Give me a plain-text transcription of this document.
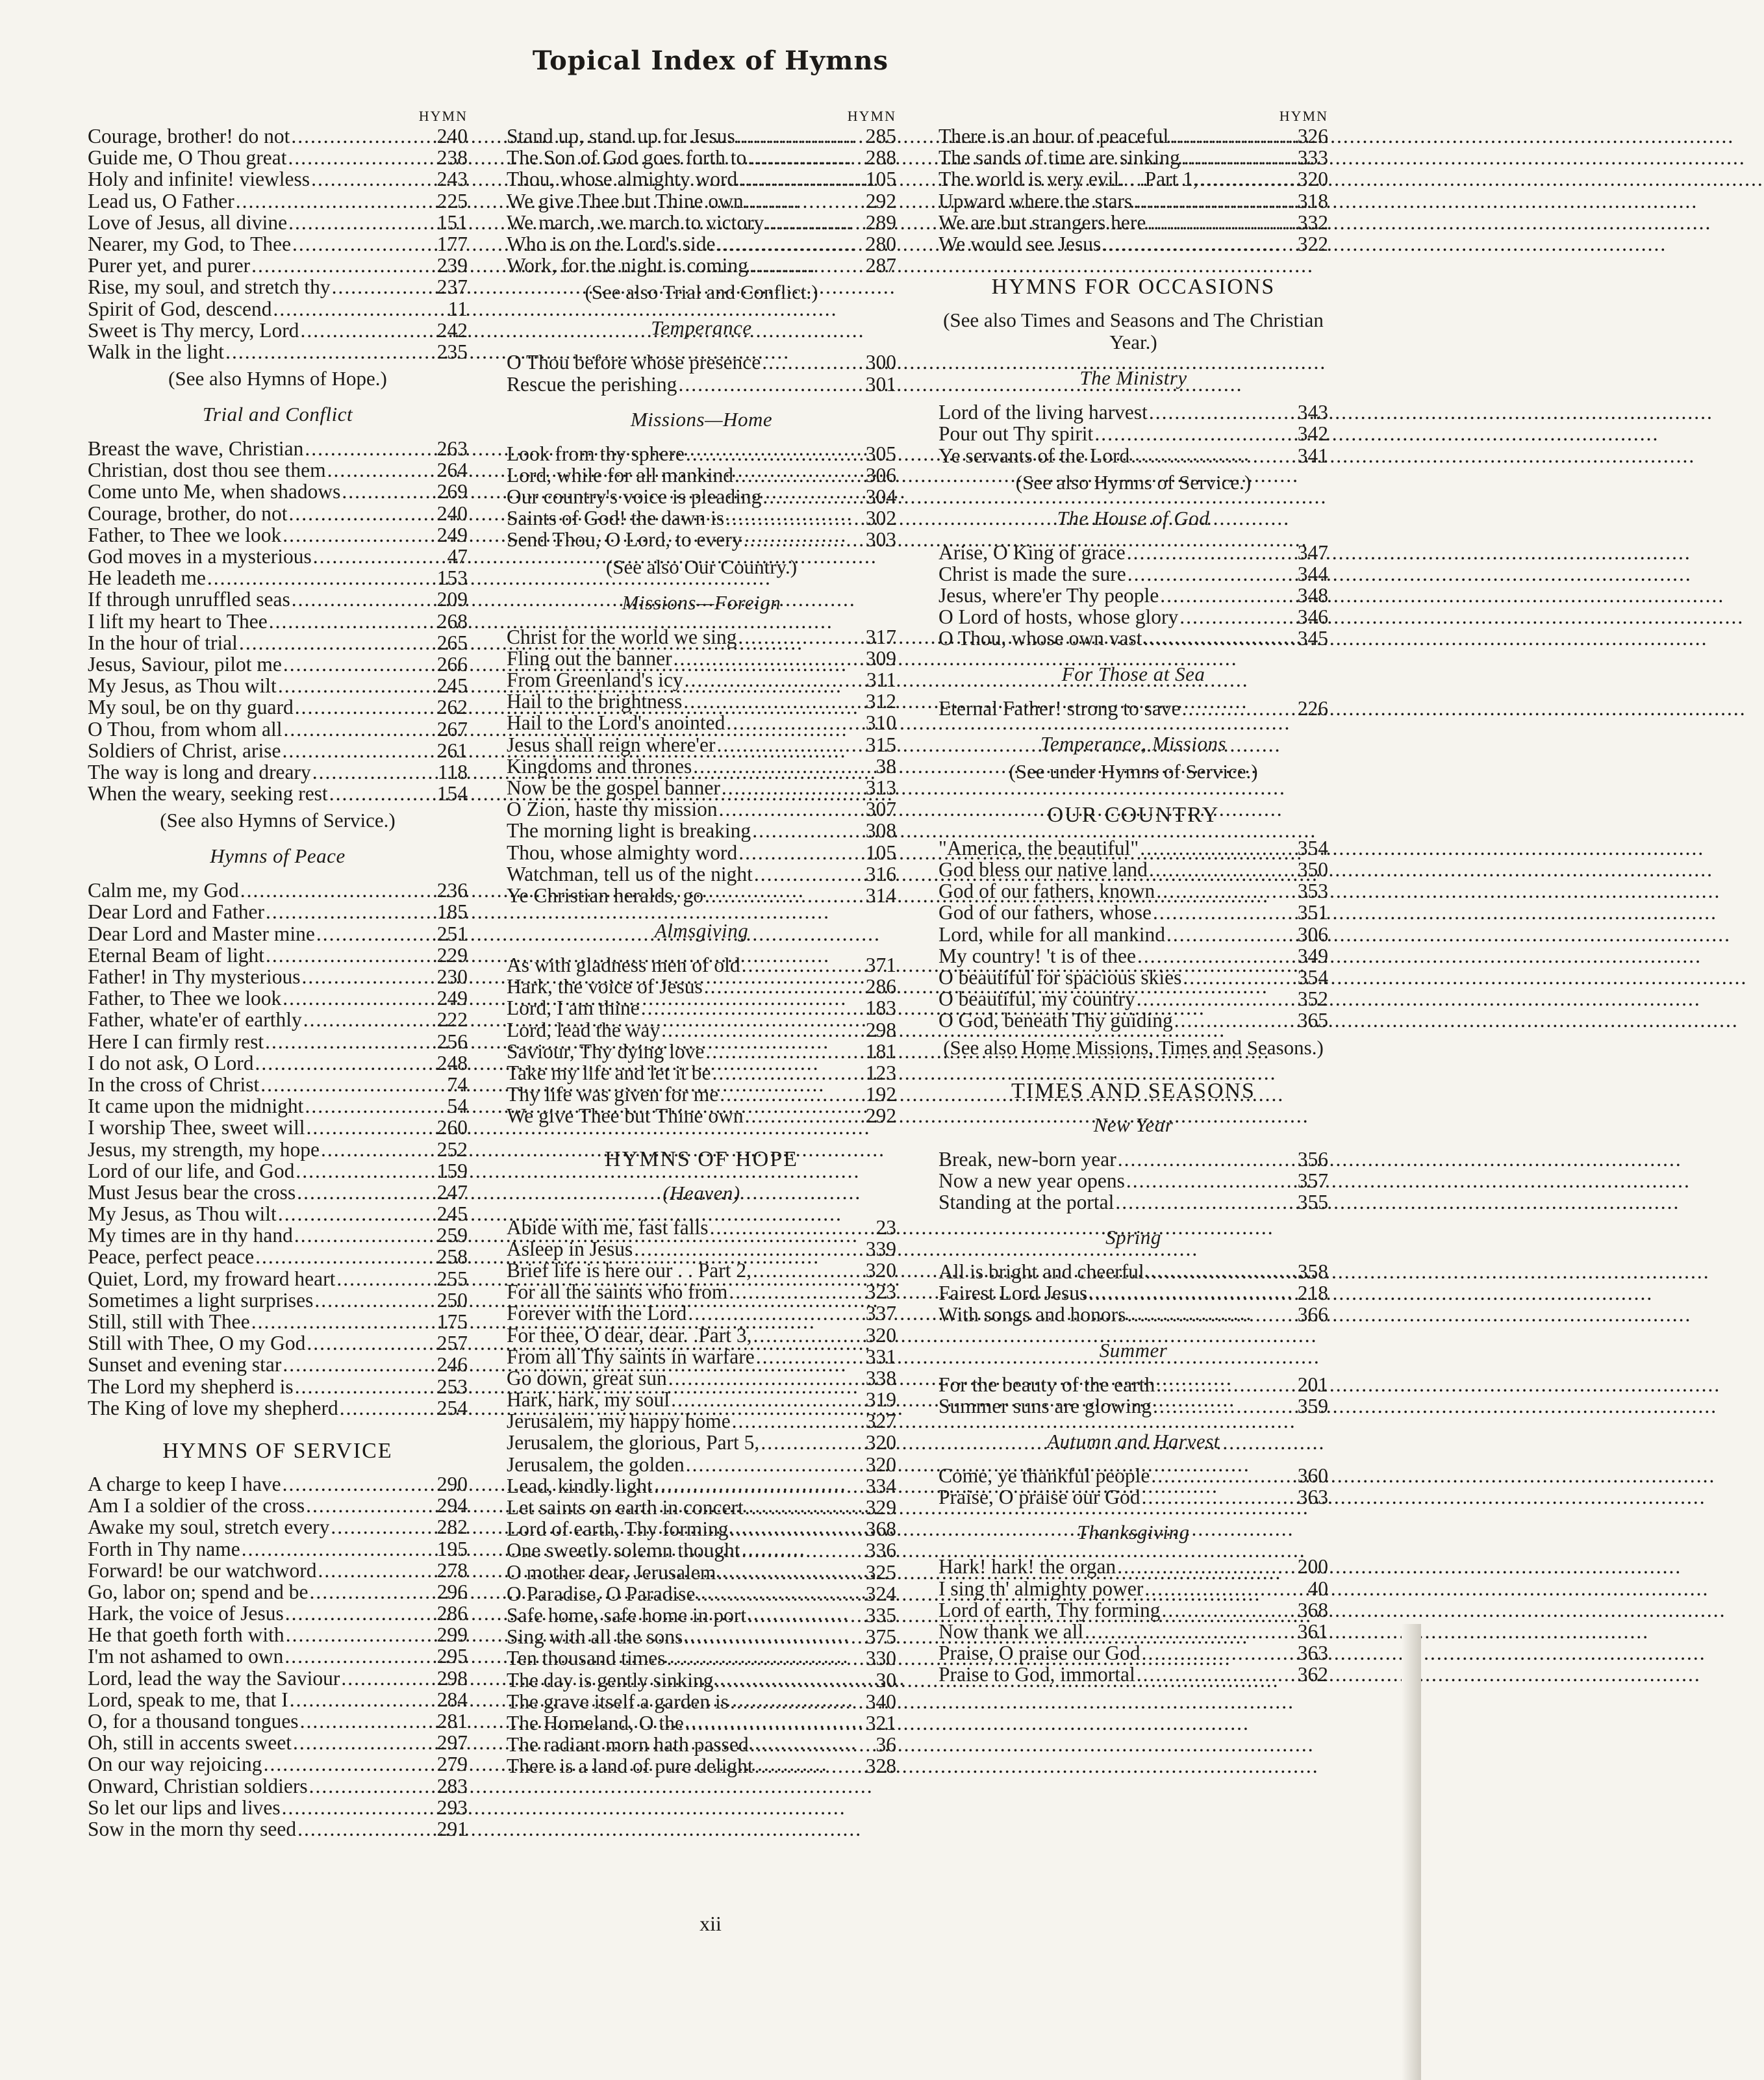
Topical Index of Hymns
HYMN
Courage, brother! do not .....	240
Guide me, O Thou great .....	238
Holy and infinite! viewless .....	243
Lead us, O Father .....	225
Love of Jesus, all divine .....	151
Nearer, my God, to Thee .....	177
Purer yet, and purer .....	239
Rise, my soul, and stretch thy .....	237
Spirit of God, descend .....	11
Sweet is Thy mercy, Lord .....	242
Walk in the light .....	235
(See also Hymns of Hope.)
Trial and Conflict
Breast the wave, Christian .....	263
Christian, dost thou see them .....	264
Come unto Me, when shadows .....	269
Courage, brother, do not .....	240
Father, to Thee we look .....	249
God moves in a mysterious .....	47
He leadeth me .....	153
If through unruffled seas .....	209
I lift my heart to Thee .....	268
In the hour of trial .....	265
Jesus, Saviour, pilot me .....	266
My Jesus, as Thou wilt .....	245
My soul, be on thy guard .....	262
O Thou, from whom all .....	267
Soldiers of Christ, arise .....	261
The way is long and dreary .....	118
When the weary, seeking rest .....	154
(See also Hymns of Service.)
Hymns of Peace
Calm me, my God .....	236
Dear Lord and Father .....	185
Dear Lord and Master mine .....	251
Eternal Beam of light .....	229
Father! in Thy mysterious .....	230
Father, to Thee we look .....	249
Father, whate'er of earthly .....	222
Here I can firmly rest .....	256
I do not ask, O Lord .....	248
In the cross of Christ .....	74
It came upon the midnight .....	54
I worship Thee, sweet will .....	260
Jesus, my strength, my hope .....	252
Lord of our life, and God .....	159
Must Jesus bear the cross .....	247
My Jesus, as Thou wilt .....	245
My times are in thy hand .....	259
Peace, perfect peace .....	258
Quiet, Lord, my froward heart .....	255
Sometimes a light surprises .....	250
Still, still with Thee .....	175
Still with Thee, O my God .....	257
Sunset and evening star .....	246
The Lord my shepherd is .....	253
The King of love my shepherd .....	254
HYMNS OF SERVICE
A charge to keep I have .....	290
Am I a soldier of the cross .....	294
Awake my soul, stretch every .....	282
Forth in Thy name .....	195
Forward! be our watchword .....	278
Go, labor on; spend and be .....	296
Hark, the voice of Jesus .....	286
He that goeth forth with .....	299
I'm not ashamed to own .....	295
Lord, lead the way the Saviour .....	298
Lord, speak to me, that I .....	284
O, for a thousand tongues .....	281
Oh, still in accents sweet .....	297
On our way rejoicing .....	279
Onward, Christian soldiers .....	283
So let our lips and lives .....	293
Sow in the morn thy seed .....	291
HYMN
Stand up, stand up for Jesus .....	285
The Son of God goes forth to .....	288
Thou, whose almighty word .....	105
We give Thee but Thine own .....	292
We march, we march to victory .....	289
Who is on the Lord's side .....	280
Work, for the night is coming .....	287
(See also Trial and Conflict.)
Temperance
O Thou before whose presence .....	300
Rescue the perishing .....	301
Missions—Home
Look from thy sphere .....	305
Lord, while for all mankind .....	306
Our country's voice is pleading .....	304
Saints of God! the dawn is .....	302
Send Thou, O Lord, to every .....	303
(See also Our Country.)
Missions—Foreign
Christ for the world we sing .....	317
Fling out the banner .....	309
From Greenland's icy .....	311
Hail to the brightness .....	312
Hail to the Lord's anointed .....	310
Jesus shall reign where'er .....	315
Kingdoms and thrones .....	38
Now be the gospel banner .....	313
O Zion, haste thy mission .....	307
The morning light is breaking .....	308
Thou, whose almighty word .....	105
Watchman, tell us of the night .....	316
Ye Christian heralds, go .....	314
Almsgiving
As with gladness men of old .....	371
Hark, the voice of Jesus .....	286
Lord, I am thine .....	183
Lord, lead the way .....	298
Saviour, Thy dying love .....	181
Take my life and let it be .....	123
Thy life was given for me .....	192
We give Thee but Thine own .....	292
HYMNS OF HOPE
(Heaven)
Abide with me, fast falls .....	23
Asleep in Jesus .....	339
Brief life is here our . . Part 2, .....	320
For all the saints who from .....	323
Forever with the Lord .....	337
For thee, O dear, dear. .Part 3, .....	320
From all Thy saints in warfare .....	331
Go down, great sun .....	338
Hark, hark, my soul .....	319
Jerusalem, my happy home .....	327
Jerusalem, the glorious, Part 5, .....	320
Jerusalem, the golden .....	320
Lead, kindly light .....	334
Let saints on earth in concert .....	329
Lord of earth, Thy forming .....	368
One sweetly solemn thought .....	336
O mother dear, Jerusalem .....	325
O Paradise, O Paradise .....	324
Safe home, safe home in port .....	335
Sing with all the sons .....	375
Ten thousand times .....	330
The day is gently sinking .....	30
The grave itself a garden is .....	340
The Homeland, O the .....	321
The radiant morn hath passed .....	36
There is a land of pure delight .....	328
HYMN
There is an hour of peaceful .....	326
The sands of time are sinking .....	333
The world is very evil. . .Part 1, .....	320
Upward where the stars .....	318
We are but strangers here .....	332
We would see Jesus .....	322
HYMNS FOR OCCASIONS
(See also Times and Seasons and The Christian Year.)
The Ministry
Lord of the living harvest .....	343
Pour out Thy spirit .....	342
Ye servants of the Lord .....	341
(See also Hymns of Service.)
The House of God
Arise, O King of grace .....	347
Christ is made the sure .....	344
Jesus, where'er Thy people .....	348
O Lord of hosts, whose glory .....	346
O Thou, whose own vast .....	345
For Those at Sea
Eternal Father! strong to save .....	226
Temperance, Missions
(See under Hymns of Service.)
OUR COUNTRY
"America, the beautiful" .....	354
God bless our native land .....	350
God of our fathers, known .....	353
God of our fathers, whose .....	351
Lord, while for all mankind .....	306
My country! 't is of thee .....	349
O beautiful for spacious skies .....	354
O beautiful, my country .....	352
O God, beneath Thy guiding .....	365
(See also Home Missions, Times and Seasons.)
TIMES AND SEASONS
New Year
Break, new-born year .....	356
Now a new year opens .....	357
Standing at the portal .....	355
Spring
All is bright and cheerful .....	358
Fairest Lord Jesus .....	218
With songs and honors .....	366
Summer
For the beauty of the earth .....	201
Summer suns are glowing .....	359
Autumn and Harvest
Come, ye thankful people .....	360
Praise, O praise our God .....	363
Thanksgiving
Hark! hark! the organ .....	200
I sing th' almighty power .....	40
Lord of earth, Thy forming .....	368
Now thank we all .....	361
Praise, O praise our God .....	363
Praise to God, immortal .....	362
xii
